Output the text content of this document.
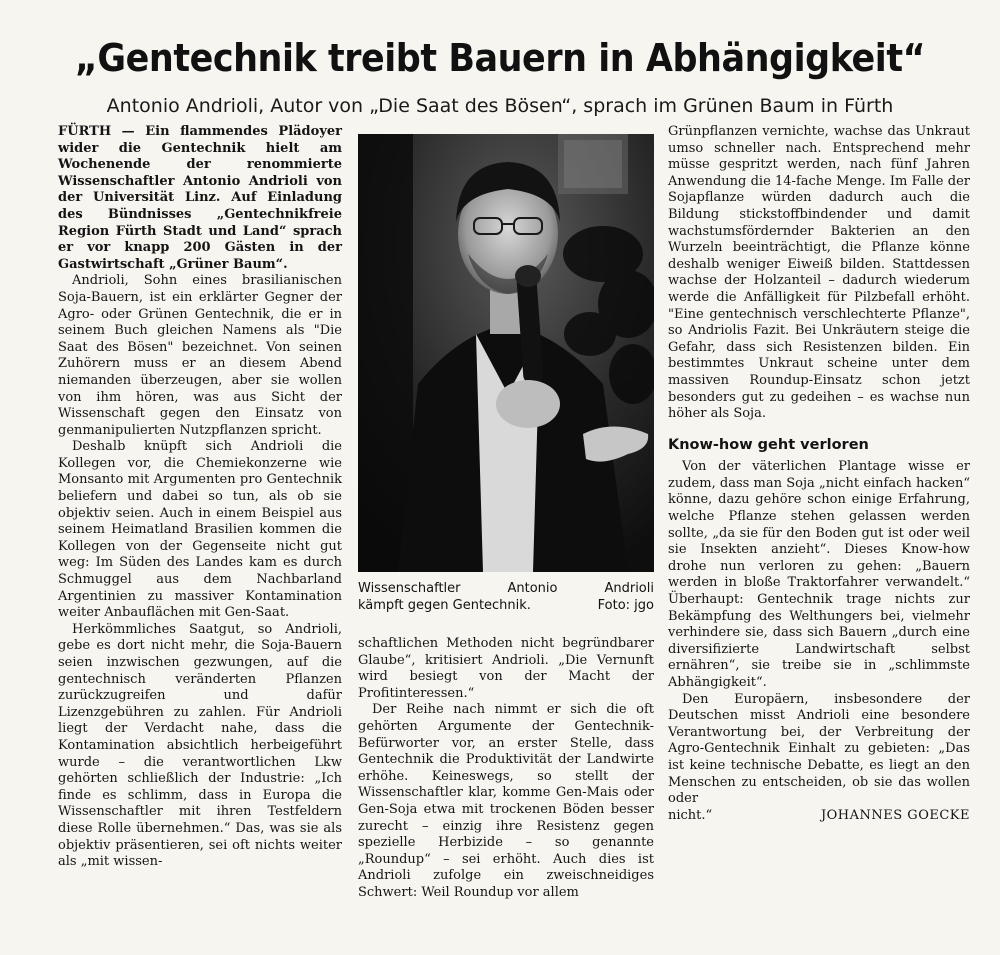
„Gentechnik treibt Bauern in Abhängigkeit“
Antonio Andrioli, Autor von „Die Saat des Bösen“, sprach im Grünen Baum in Fürth

FÜRTH — Ein flammendes Plädoyer wider die Gentechnik hielt am Wochenende der renommierte Wissenschaftler Antonio Andrioli von der Universität Linz. Auf Einladung des Bündnisses „Gentechnikfreie Region Fürth Stadt und Land“ sprach er vor knapp 200 Gästen in der Gastwirtschaft „Grüner Baum“.

Andrioli, Sohn eines brasilianischen Soja-Bauern, ist ein erklärter Gegner der Agro- oder Grünen Gentechnik, die er in seinem Buch gleichen Namens als "Die Saat des Bösen" bezeichnet. Von seinen Zuhörern muss er an diesem Abend niemanden überzeugen, aber sie wollen von ihm hören, was aus Sicht der Wissenschaft gegen den Einsatz von genmanipulierten Nutzpflanzen spricht.

Deshalb knüpft sich Andrioli die Kollegen vor, die Chemiekonzerne wie Monsanto mit Argumenten pro Gentechnik beliefern und dabei so tun, als ob sie objektiv seien. Auch in einem Beispiel aus seinem Heimatland Brasilien kommen die Kollegen von der Gegenseite nicht gut weg: Im Süden des Landes kam es durch Schmuggel aus dem Nachbarland Argentinien zu massiver Kontamination weiter Anbauflächen mit Gen-Saat.

Herkömmliches Saatgut, so Andrioli, gebe es dort nicht mehr, die Soja-Bauern seien inzwischen gezwungen, auf die gentechnisch veränderten Pflanzen zurückzugreifen und dafür Lizenzgebühren zu zahlen. Für Andrioli liegt der Verdacht nahe, dass die Kontamination absichtlich herbeigeführt wurde – die verantwortlichen Lkw gehörten schließlich der Industrie: „Ich finde es schlimm, dass in Europa die Wissenschaftler mit ihren Testfeldern diese Rolle übernehmen.“ Das, was sie als objektiv präsentieren, sei oft nichts weiter als „mit wissen-

Wissenschaftler	Antonio	Andrioli
kämpft gegen Gentechnik.	Foto: jgo

schaftlichen Methoden nicht begründbarer Glaube“, kritisiert Andrioli. „Die Vernunft wird besiegt von der Macht der Profitinteressen.“

Der Reihe nach nimmt er sich die oft gehörten Argumente der Gentechnik-Befürworter vor, an erster Stelle, dass Gentechnik die Produktivität der Landwirte erhöhe. Keineswegs, so stellt der Wissenschaftler klar, komme Gen-Mais oder Gen-Soja etwa mit trockenen Böden besser zurecht – einzig ihre Resistenz gegen spezielle Herbizide – so genannte „Roundup“ – sei erhöht. Auch dies ist Andrioli zufolge ein zweischneidiges Schwert: Weil Roundup vor allem

Grünpflanzen vernichte, wachse das Unkraut umso schneller nach. Entsprechend mehr müsse gespritzt werden, nach fünf Jahren Anwendung die 14-fache Menge. Im Falle der Sojapflanze würden dadurch auch die Bildung stickstoffbindender und damit wachstumsfördernder Bakterien an den Wurzeln beeinträchtigt, die Pflanze könne deshalb weniger Eiweiß bilden. Stattdessen wachse der Holzanteil – dadurch wiederum werde die Anfälligkeit für Pilzbefall erhöht. "Eine gentechnisch verschlechterte Pflanze", so Andriolis Fazit. Bei Unkräutern steige die Gefahr, dass sich Resistenzen bilden. Ein bestimmtes Unkraut scheine unter dem massiven Roundup-Einsatz schon jetzt besonders gut zu gedeihen – es wachse nun höher als Soja.

Know-how geht verloren

Von der väterlichen Plantage wisse er zudem, dass man Soja „nicht einfach hacken“ könne, dazu gehöre schon einige Erfahrung, welche Pflanze stehen gelassen werden sollte, „da sie für den Boden gut ist oder weil sie Insekten anzieht“. Dieses Know-how drohe nun verloren zu gehen: „Bauern werden in bloße Traktorfahrer verwandelt.“ Überhaupt: Gentechnik trage nichts zur Bekämpfung des Welthungers bei, vielmehr verhindere sie, dass sich Bauern „durch eine diversifizierte Landwirtschaft selbst ernähren“, sie treibe sie in „schlimmste Abhängigkeit“.

Den Europäern, insbesondere der Deutschen misst Andrioli eine besondere Verantwortung bei, der Verbreitung der Agro-Gentechnik Einhalt zu gebieten: „Das ist keine technische Debatte, es liegt an den Menschen zu entscheiden, ob sie das wollen oder

nicht.“	JOHANNES GOECKE
